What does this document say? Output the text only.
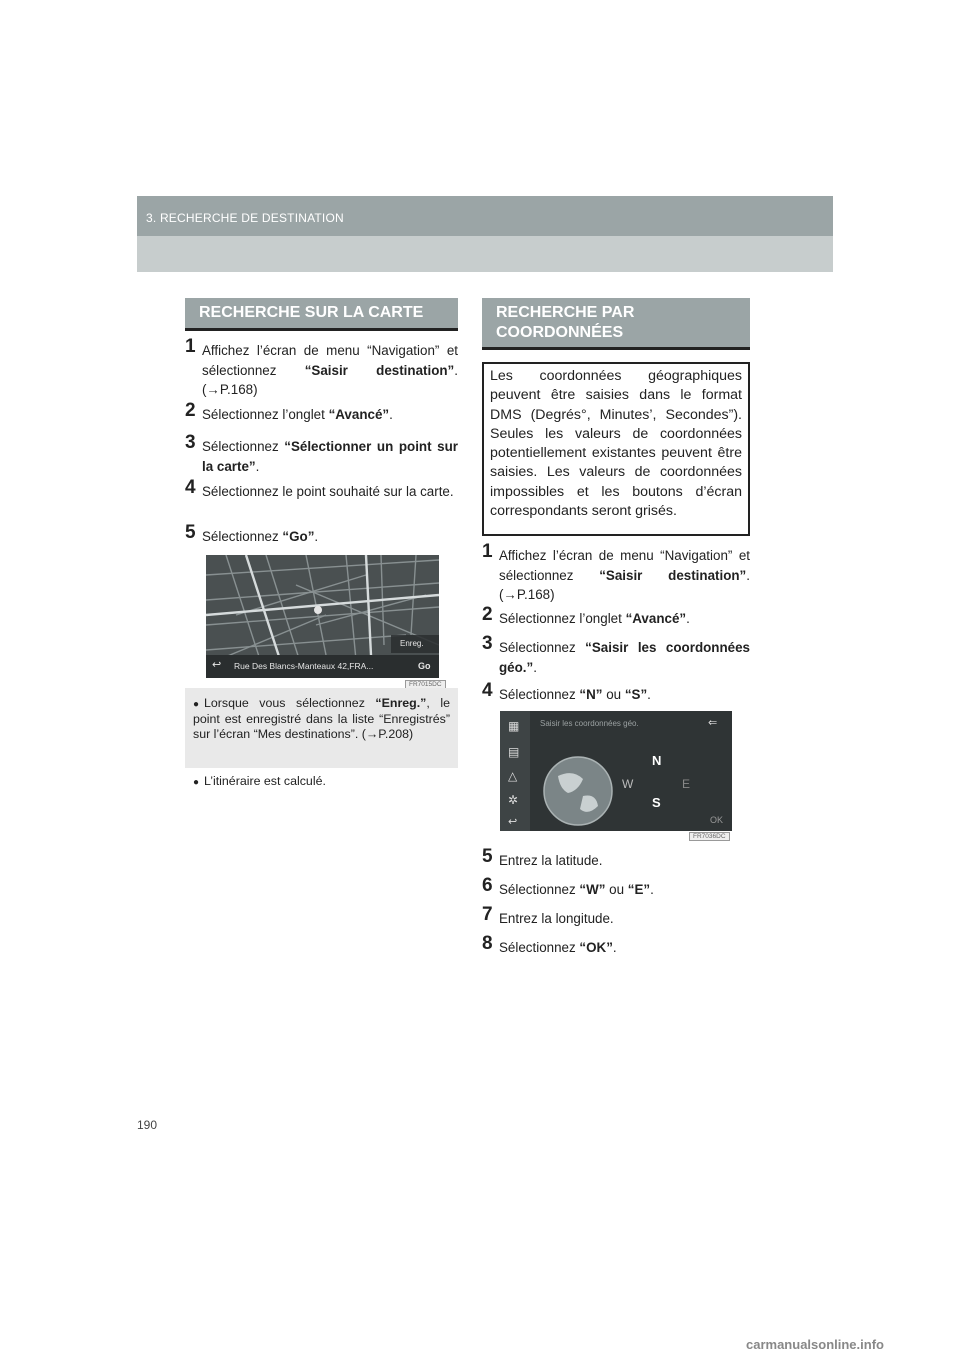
3. RECHERCHE DE DESTINATION
RECHERCHE SUR LA CARTE
1 Affichez l’écran de menu “Navigation” et sélectionnez “Saisir destination”. (→P.168)
2 Sélectionnez l’onglet “Avancé”.
3 Sélectionnez “Sélectionner un point sur la carte”.
4 Sélectionnez le point souhaité sur la carte.
5 Sélectionnez “Go”.
Enreg.
↩ Rue Des Blancs-Manteaux 42,FRA...	Go
FR7015DC
● Lorsque vous sélectionnez “Enreg.”, le point est enregistré dans la liste “Enregistrés” sur l’écran “Mes destinations”. (→P.208)
● L’itinéraire est calculé.
RECHERCHE PAR
COORDONNÉES
Les coordonnées géographiques peuvent être saisies dans le format DMS (Degrés°, Minutes’, Secondes”). Seules les valeurs de coordonnées potentiellement existantes peuvent être saisies. Les valeurs de coordonnées impossibles et les boutons d’écran correspondants seront grisés.
1 Affichez l’écran de menu “Navigation” et sélectionnez “Saisir destination”. (→P.168)
2 Sélectionnez l’onglet “Avancé”.
3 Sélectionnez “Saisir les coordonnées géo.”.
4 Sélectionnez “N” ou “S”.
▦
▤
△
✲
↩
Saisir les coordonnées géo.	⇐
N
W	E
S
OK
FR7036DC
5 Entrez la latitude.
6 Sélectionnez “W” ou “E”.
7 Entrez la longitude.
8 Sélectionnez “OK”.
190
carmanualsonline.info
